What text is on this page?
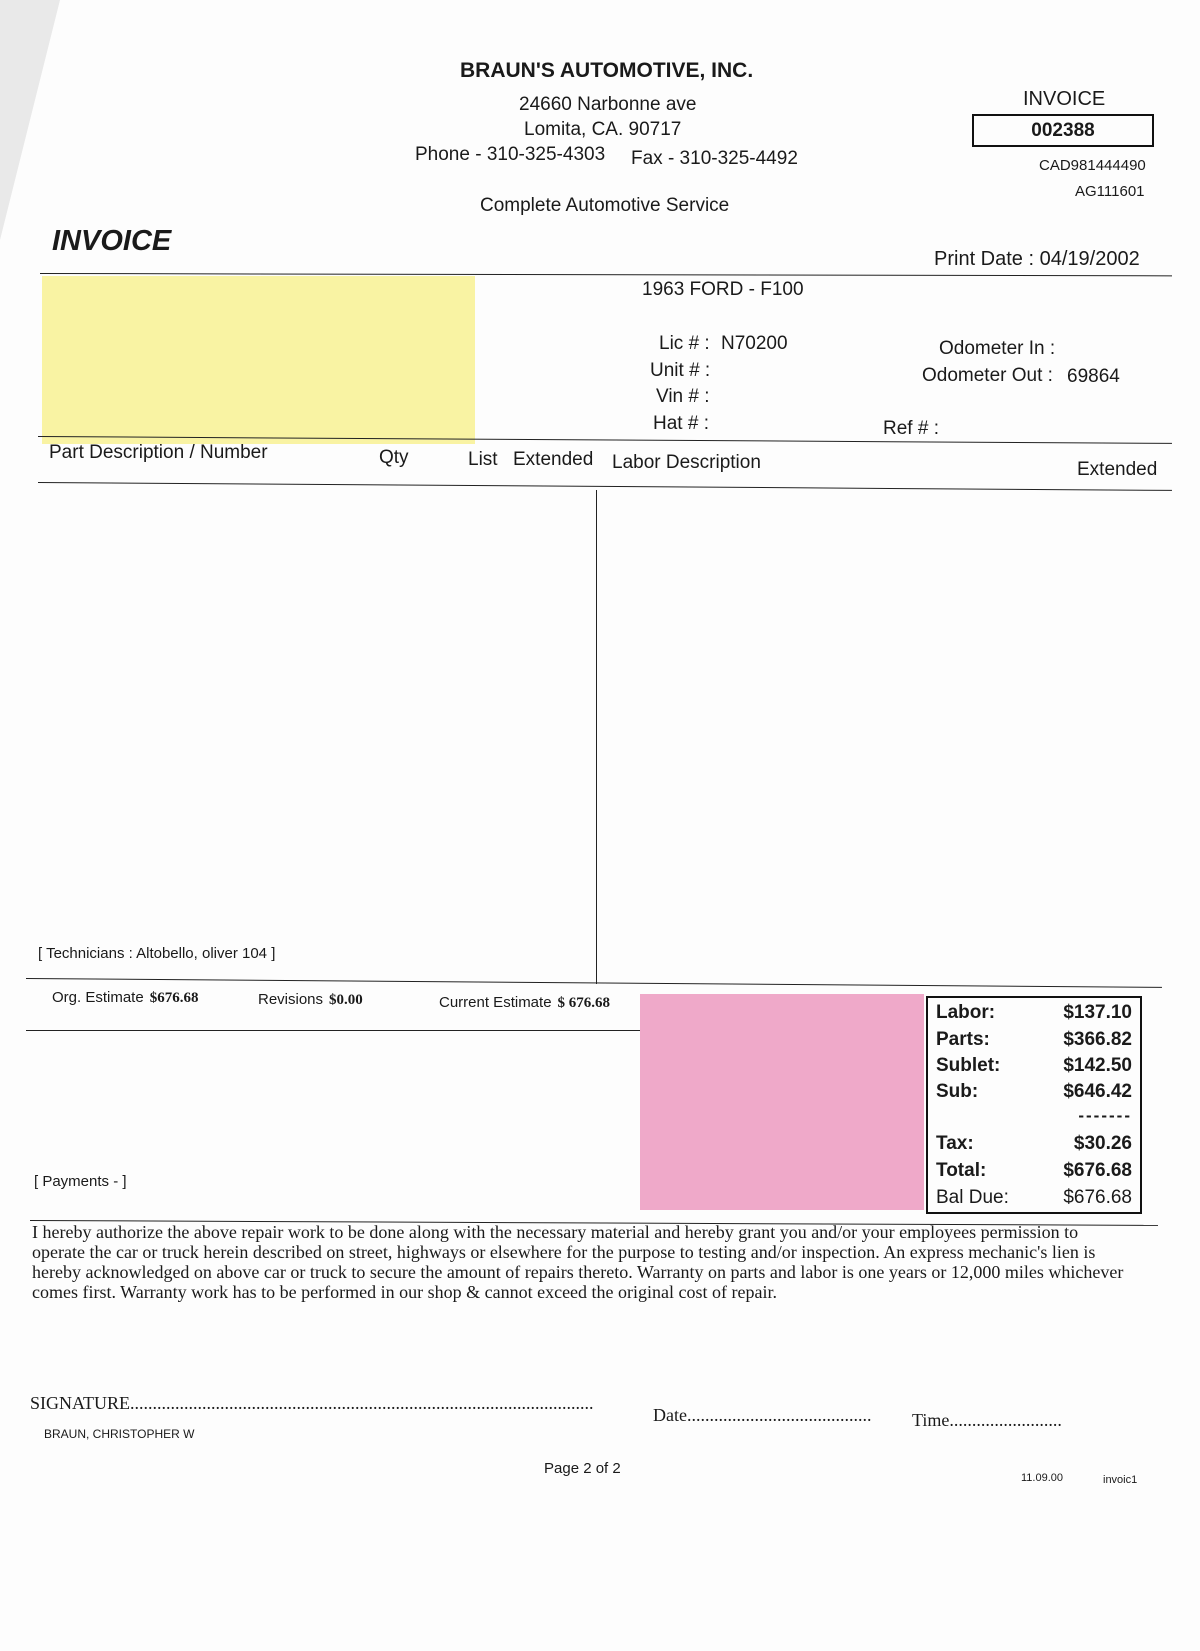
BRAUN'S AUTOMOTIVE, INC.
24660 Narbonne ave
Lomita, CA. 90717
Phone - 310-325-4303 Fax - 310-325-4492
Complete Automotive Service
INVOICE
002388
CAD981444490
AG111601
INVOICE
Print Date : 04/19/2002
1963 FORD - F100
Lic # : N70200
Unit # :
Vin # :
Hat # :	Ref # :
Odometer In :
Odometer Out : 69864
Part Description / Number	Qty	List Extended Labor Description	Extended
[ Technicians : Altobello, oliver 104 ]
Org. Estimate $676.68	Revisions $0.00	Current Estimate $ 676.68
[ Payments - ]
Labor:	$137.10
Parts:	$366.82
Sublet:	$142.50
Sub:	$646.42
-------
Tax:	$30.26
Total:	$676.68
Bal Due:	$676.68
I hereby authorize the above repair work to be done along with the necessary material and hereby grant you and/or your employees permission to operate the car or truck herein described on street, highways or elsewhere for the purpose to testing and/or inspection. An express mechanic's lien is hereby acknowledged on above car or truck to secure the amount of repairs thereto. Warranty on parts and labor is one years or 12,000 miles whichever comes first. Warranty work has to be performed in our shop & cannot exceed the original cost of repair.
SIGNATURE.......................................................................................................
Date......................................... Time.........................
BRAUN, CHRISTOPHER W
Page 2 of 2
11.09.00	invoic1
